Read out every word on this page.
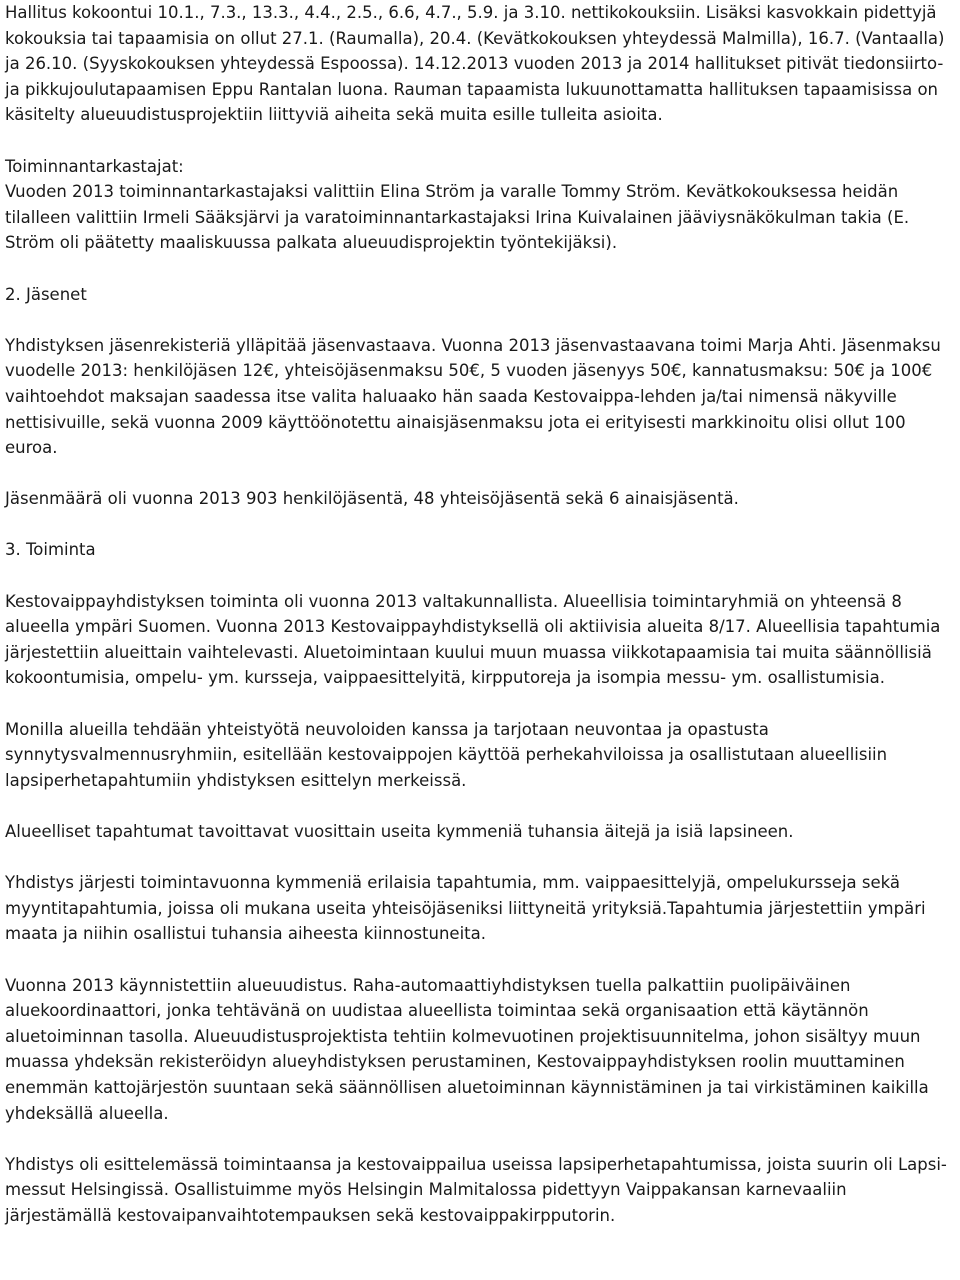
Hallitus kokoontui 10.1., 7.3., 13.3., 4.4., 2.5., 6.6, 4.7., 5.9. ja 3.10. nettikokouksiin. Lisäksi kasvokkain pidettyjä kokouksia tai tapaamisia on ollut 27.1. (Raumalla), 20.4. (Kevätkokouksen yhteydessä Malmilla), 16.7. (Vantaalla) ja 26.10. (Syyskokouksen yhteydessä Espoossa). 14.12.2013 vuoden 2013 ja 2014 hallitukset pitivät tiedonsiirto- ja pikkujoulutapaamisen Eppu Rantalan luona. Rauman tapaamista lukuunottamatta hallituksen tapaamisissa on käsitelty alueuudistusprojektiin liittyviä aiheita sekä muita esille tulleita asioita.

Toiminnantarkastajat:

Vuoden 2013 toiminnantarkastajaksi valittiin Elina Ström ja varalle Tommy Ström. Kevätkokouksessa heidän tilalleen valittiin Irmeli Sääksjärvi ja varatoiminnantarkastajaksi Irina Kuivalainen jääviysnäkökulman takia (E. Ström oli päätetty maaliskuussa palkata alueuudisprojektin työntekijäksi).

2. Jäsenet

Yhdistyksen jäsenrekisteriä ylläpitää jäsenvastaava. Vuonna 2013 jäsenvastaavana toimi Marja Ahti. Jäsenmaksu vuodelle 2013: henkilöjäsen 12€, yhteisöjäsenmaksu 50€, 5 vuoden jäsenyys 50€, kannatusmaksu: 50€ ja 100€ vaihtoehdot maksajan saadessa itse valita haluaako hän saada Kestovaippa-lehden ja/tai nimensä näkyville nettisivuille, sekä vuonna 2009 käyttöönotettu ainaisjäsenmaksu jota ei erityisesti markkinoitu olisi ollut 100 euroa.

Jäsenmäärä oli vuonna 2013 903 henkilöjäsentä, 48 yhteisöjäsentä sekä 6 ainaisjäsentä.

3. Toiminta

Kestovaippayhdistyksen toiminta oli vuonna 2013 valtakunnallista. Alueellisia toimintaryhmiä on yhteensä 8 alueella ympäri Suomen. Vuonna 2013 Kestovaippayhdistyksellä oli aktiivisia alueita 8/17. Alueellisia tapahtumia järjestettiin alueittain vaihtelevasti. Aluetoimintaan kuului muun muassa viikkotapaamisia tai muita säännöllisiä kokoontumisia, ompelu- ym. kursseja, vaippaesittelyitä, kirpputoreja ja isompia messu- ym. osallistumisia.

Monilla alueilla tehdään yhteistyötä neuvoloiden kanssa ja tarjotaan neuvontaa ja opastusta synnytysvalmennusryhmiin, esitellään kestovaippojen käyttöä perhekahviloissa ja osallistutaan alueellisiin lapsiperhetapahtumiin yhdistyksen esittelyn merkeissä.

Alueelliset tapahtumat tavoittavat vuosittain useita kymmeniä tuhansia äitejä ja isiä lapsineen.

Yhdistys järjesti toimintavuonna kymmeniä erilaisia tapahtumia, mm. vaippaesittelyjä, ompelukursseja sekä myyntitapahtumia, joissa oli mukana useita yhteisöjäseniksi liittyneitä yrityksiä.Tapahtumia järjestettiin ympäri maata ja niihin osallistui tuhansia aiheesta kiinnostuneita.

Vuonna 2013 käynnistettiin alueuudistus. Raha-automaattiyhdistyksen tuella palkattiin puolipäiväinen aluekoordinaattori, jonka tehtävänä on uudistaa alueellista toimintaa sekä organisaation että käytännön aluetoiminnan tasolla. Alueuudistusprojektista tehtiin kolmevuotinen projektisuunnitelma, johon sisältyy muun muassa yhdeksän rekisteröidyn alueyhdistyksen perustaminen, Kestovaippayhdistyksen roolin muuttaminen enemmän kattojärjestön suuntaan sekä säännöllisen aluetoiminnan käynnistäminen ja tai virkistäminen kaikilla yhdeksällä alueella.

Yhdistys oli esittelemässä toimintaansa ja kestovaippailua useissa lapsiperhetapahtumissa, joista suurin oli Lapsi-messut Helsingissä. Osallistuimme myös Helsingin Malmitalossa pidettyyn Vaippakansan karnevaaliin järjestämällä kestovaipanvaihtotempauksen sekä kestovaippakirpputorin.
